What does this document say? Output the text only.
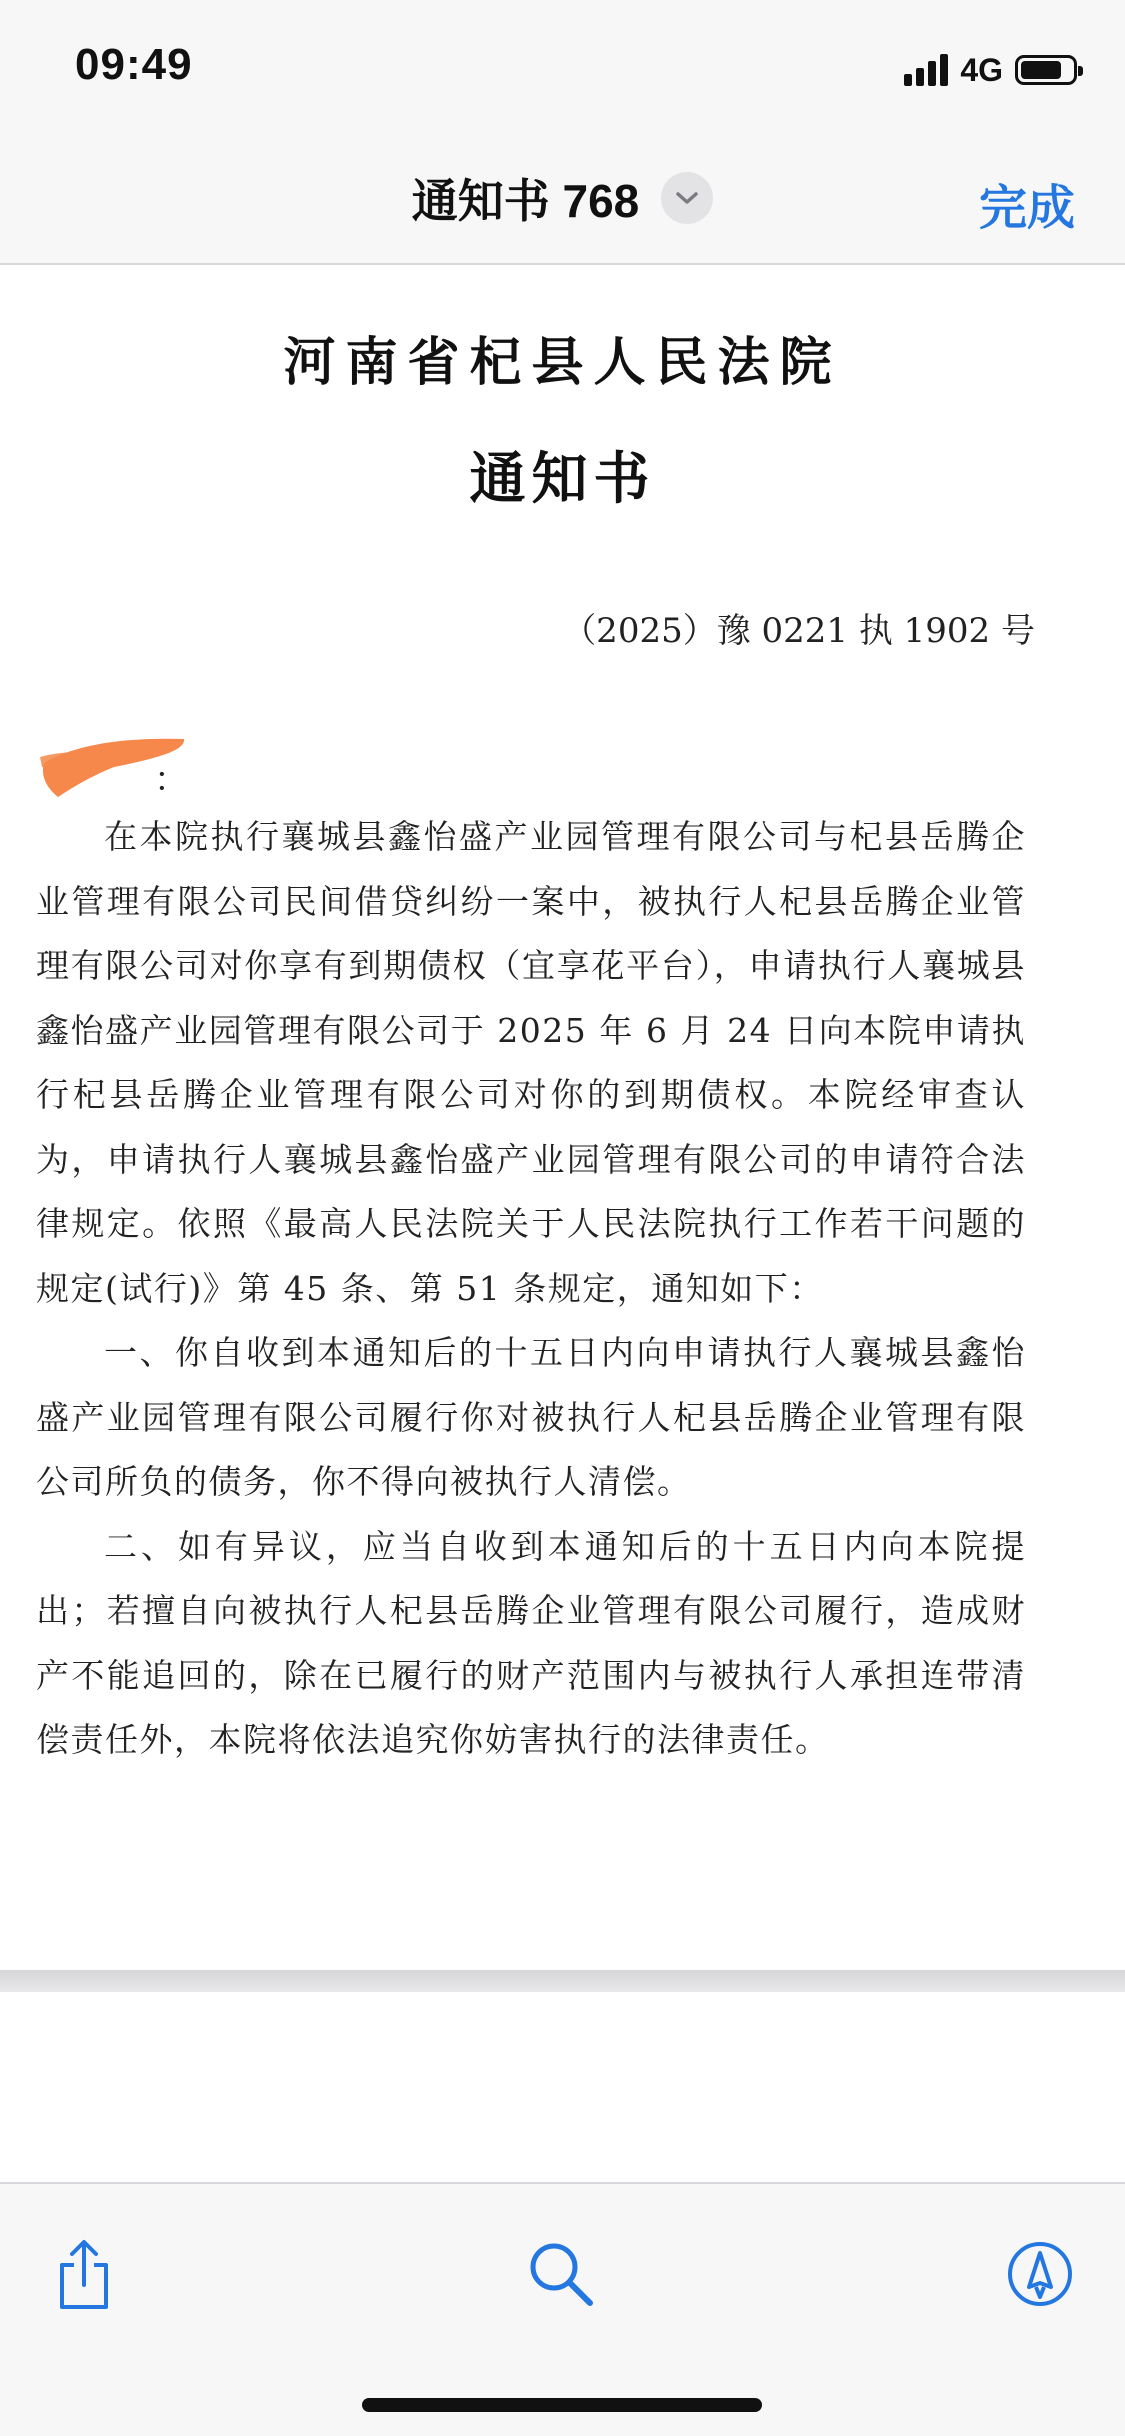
09:49	4G
通知书 768	完成
河南省杞县人民法院
通知书
（2025）豫 0221 执 1902 号
：

在本院执行襄城县鑫怡盛产业园管理有限公司与杞县岳腾企业管理有限公司民间借贷纠纷一案中，被执行人杞县岳腾企业管理有限公司对你享有到期债权（宜享花平台），申请执行人襄城县鑫怡盛产业园管理有限公司于 2025 年 6 月 24 日向本院申请执行杞县岳腾企业管理有限公司对你的到期债权。本院经审查认为，申请执行人襄城县鑫怡盛产业园管理有限公司的申请符合法律规定。依照《最高人民法院关于人民法院执行工作若干问题的规定(试行)》第 45 条、第 51 条规定，通知如下：

一、你自收到本通知后的十五日内向申请执行人襄城县鑫怡盛产业园管理有限公司履行你对被执行人杞县岳腾企业管理有限公司所负的债务，你不得向被执行人清偿。

二、如有异议，应当自收到本通知后的十五日内向本院提出；若擅自向被执行人杞县岳腾企业管理有限公司履行，造成财产不能追回的，除在已履行的财产范围内与被执行人承担连带清偿责任外，本院将依法追究你妨害执行的法律责任。
